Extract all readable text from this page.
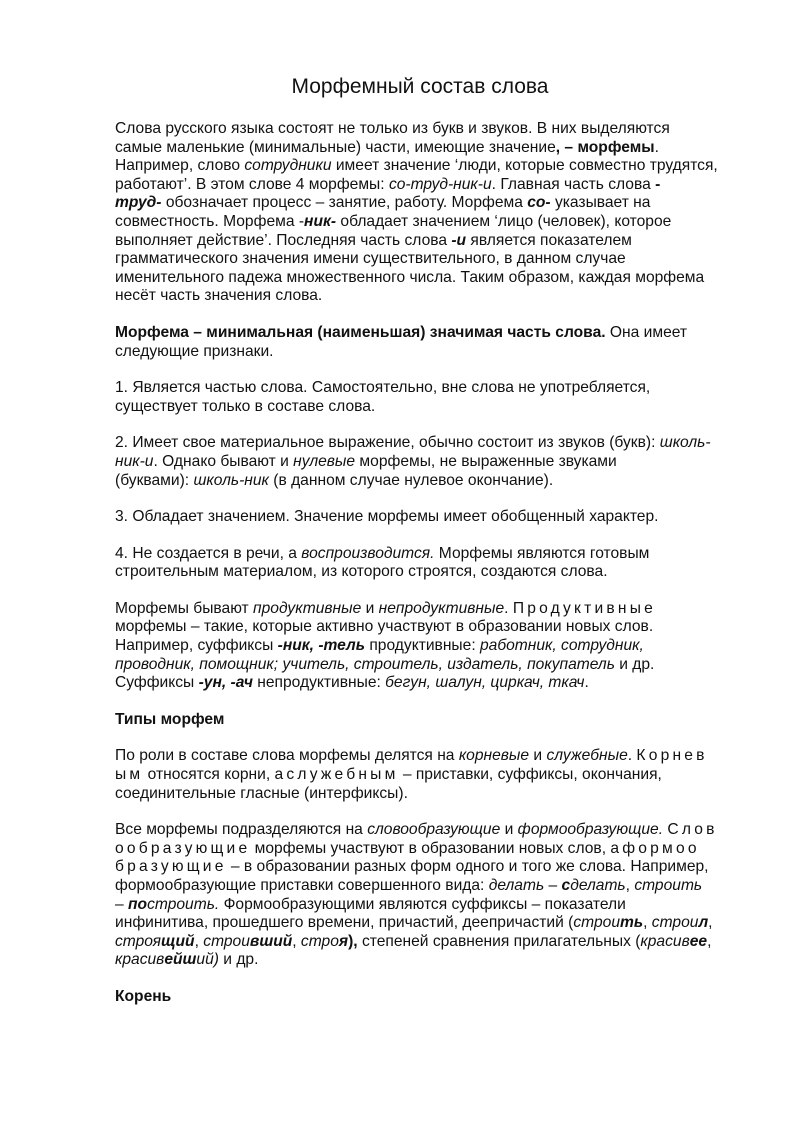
Морфемный состав слова

Слова русского языка состоят не только из букв и звуков. В них выделяются
самые маленькие (минимальные) части, имеющие значение, – морфемы.
Например, слово сотрудники имеет значение ‘люди, которые совместно трудятся,
работают’. В этом слове 4 морфемы: со-труд-ник-и. Главная часть слова -
труд- обозначает процесс – занятие, работу. Морфема со- указывает на
совместность. Морфема -ник- обладает значением ‘лицо (человек), которое
выполняет действие’. Последняя часть слова -и является показателем
грамматического значения имени существительного, в данном случае
именительного падежа множественного числа. Таким образом, каждая морфема
несёт часть значения слова.

Морфема – минимальная (наименьшая) значимая часть слова. Она имеет
следующие признаки.

1. Является частью слова. Самостоятельно, вне слова не употребляется,
существует только в составе слова.

2. Имеет свое материальное выражение, обычно состоит из звуков (букв): школь-
ник-и. Однако бывают и нулевые морфемы, не выраженные звуками
(буквами): школь-ник (в данном случае нулевое окончание).

3. Обладает значением. Значение морфемы имеет обобщенный характер.

4. Не создается в речи, а воспроизводится. Морфемы являются готовым
строительным материалом, из которого строятся, создаются слова.

Морфемы бывают продуктивные и непродуктивные. Продуктивные
морфемы – такие, которые активно участвуют в образовании новых слов.
Например, суффиксы -ник, -тель продуктивные: работник, сотрудник,
проводник, помощник; учитель, строитель, издатель, покупатель и др.
Суффиксы -ун, -ач непродуктивные: бегун, шалун, циркач, ткач.

Типы морфем

По роли в составе слова морфемы делятся на корневые и служебные. Корнев
ым относятся корни, аслужебным – приставки, суффиксы, окончания,
соединительные гласные (интерфиксы).

Все морфемы подразделяются на словообразующие и формообразующие. Слов
ообразующие морфемы участвуют в образовании новых слов, аформоо
бразующие – в образовании разных форм одного и того же слова. Например,
формообразующие приставки совершенного вида: делать – сделать, строить
– построить. Формообразующими являются суффиксы – показатели
инфинитива, прошедшего времени, причастий, деепричастий (строить, строил,
строящий, строивший, строя), степеней сравнения прилагательных (красивее,
красивейший) и др.

Корень
